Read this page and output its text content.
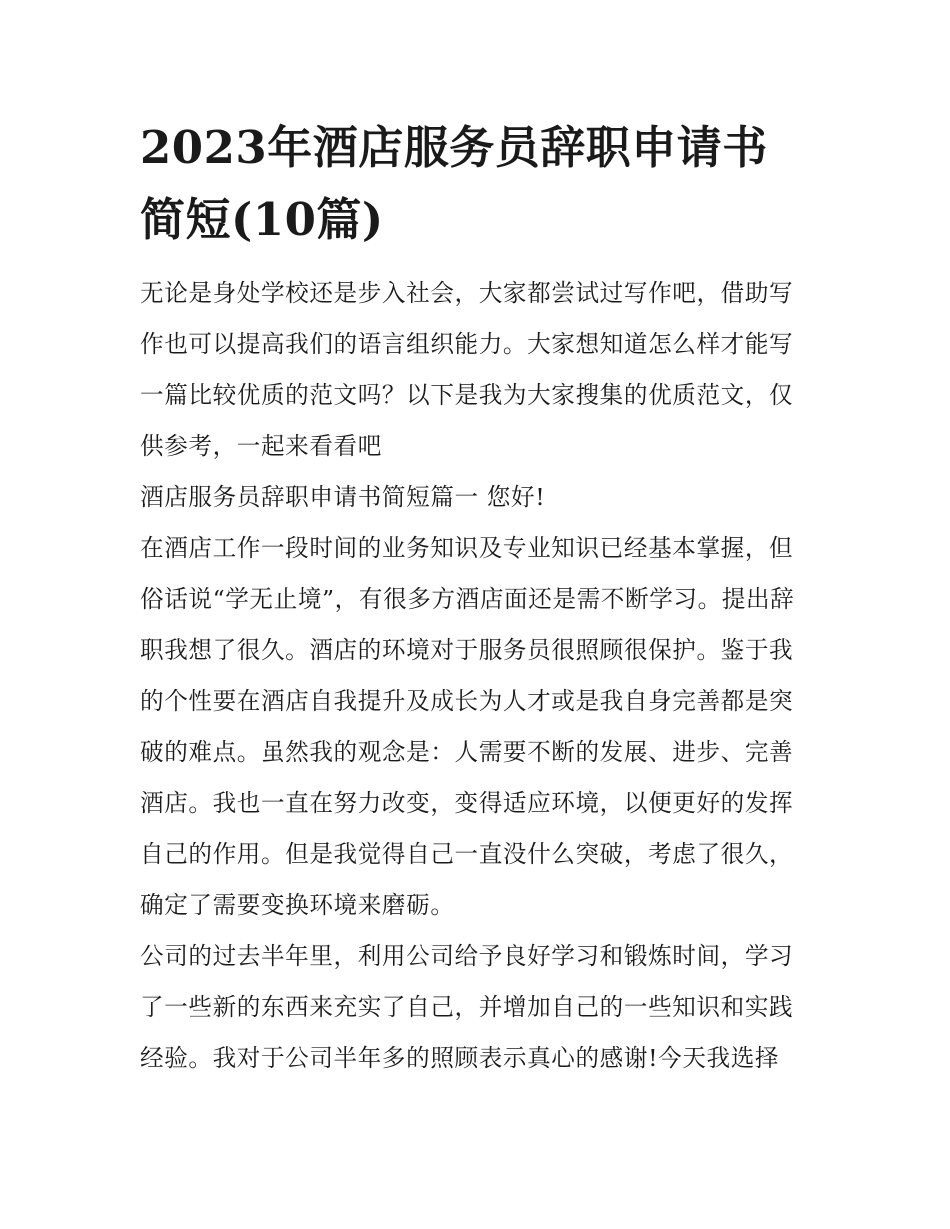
2023年酒店服务员辞职申请书简短(10篇)

无论是身处学校还是步入社会，大家都尝试过写作吧，借助写作也可以提高我们的语言组织能力。大家想知道怎么样才能写一篇比较优质的范文吗？以下是我为大家搜集的优质范文，仅供参考，一起来看看吧

酒店服务员辞职申请书简短篇一 您好!

在酒店工作一段时间的业务知识及专业知识已经基本掌握，但俗话说“学无止境”，有很多方酒店面还是需不断学习。提出辞职我想了很久。酒店的环境对于服务员很照顾很保护。鉴于我的个性要在酒店自我提升及成长为人才或是我自身完善都是突破的难点。虽然我的观念是：人需要不断的发展、进步、完善酒店。我也一直在努力改变，变得适应环境，以便更好的发挥自己的作用。但是我觉得自己一直没什么突破，考虑了很久，确定了需要变换环境来磨砺。

公司的过去半年里，利用公司给予良好学习和锻炼时间，学习了一些新的东西来充实了自己，并增加自己的一些知识和实践经验。我对于公司半年多的照顾表示真心的感谢!今天我选择
